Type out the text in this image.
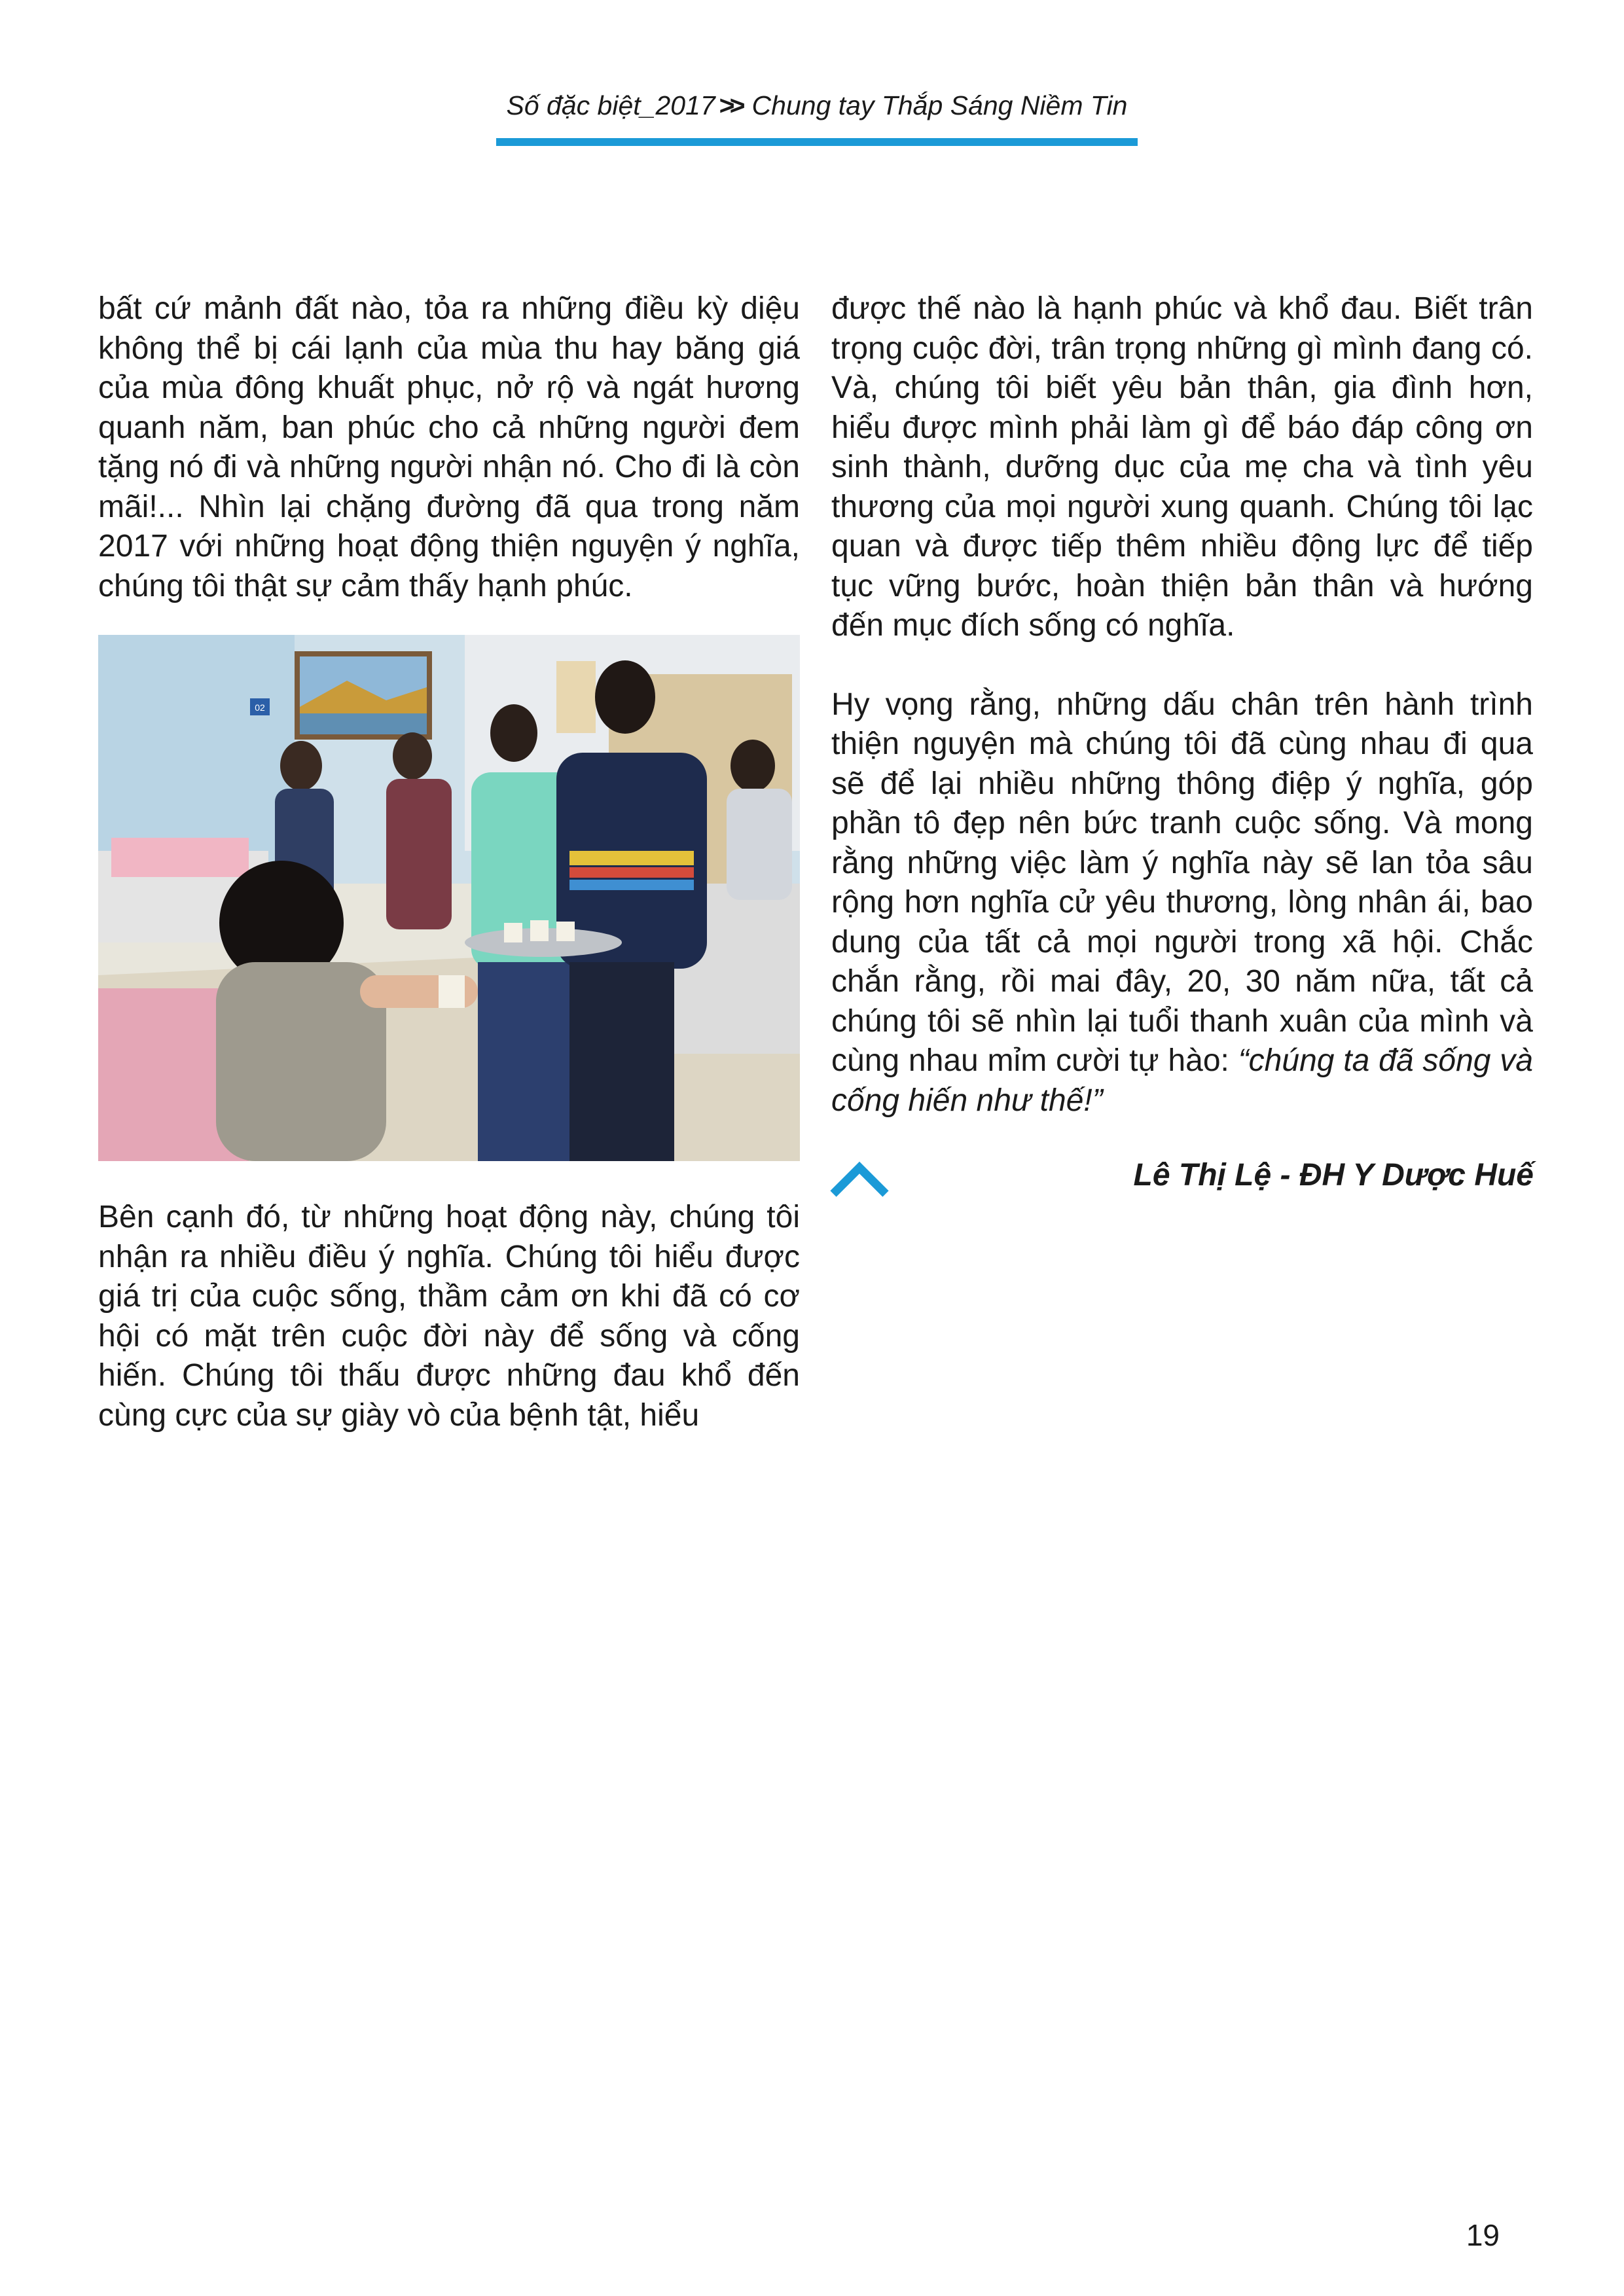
Số đặc biệt_2017 >> Chung tay Thắp Sáng Niềm Tin

bất cứ mảnh đất nào, tỏa ra những điều kỳ diệu không thể bị cái lạnh của mùa thu hay băng giá của mùa đông khuất phục, nở rộ và ngát hương quanh năm, ban phúc cho cả những người đem tặng nó đi và những người nhận nó. Cho đi là còn mãi!... Nhìn lại chặng đường đã qua trong năm 2017 với những hoạt động thiện nguyện ý nghĩa, chúng tôi thật sự cảm thấy hạnh phúc.

02

Bên cạnh đó, từ những hoạt động này, chúng tôi nhận ra nhiều điều ý nghĩa. Chúng tôi hiểu được giá trị của cuộc sống, thầm cảm ơn khi đã có cơ hội có mặt trên cuộc đời này để sống và cống hiến. Chúng tôi thấu được những đau khổ đến cùng cực của sự giày vò của bệnh tật, hiểu

được thế nào là hạnh phúc và khổ đau. Biết trân trọng cuộc đời, trân trọng những gì mình đang có. Và, chúng tôi biết yêu bản thân, gia đình hơn, hiểu được mình phải làm gì để báo đáp công ơn sinh thành, dưỡng dục của mẹ cha và tình yêu thương của mọi người xung quanh. Chúng tôi lạc quan và được tiếp thêm nhiều động lực để tiếp tục vững bước, hoàn thiện bản thân và hướng đến mục đích sống có nghĩa.

Hy vọng rằng, những dấu chân trên hành trình thiện nguyện mà chúng tôi đã cùng nhau đi qua sẽ để lại nhiều những thông điệp ý nghĩa, góp phần tô đẹp nên bức tranh cuộc sống. Và mong rằng những việc làm ý nghĩa này sẽ lan tỏa sâu rộng hơn nghĩa cử yêu thương, lòng nhân ái, bao dung của tất cả mọi người trong xã hội. Chắc chắn rằng, rồi mai đây, 20, 30 năm nữa, tất cả chúng tôi sẽ nhìn lại tuổi thanh xuân của mình và cùng nhau mỉm cười tự hào: “chúng ta đã sống và cống hiến như thế!”

Lê Thị Lệ - ĐH Y Dược Huế
19
